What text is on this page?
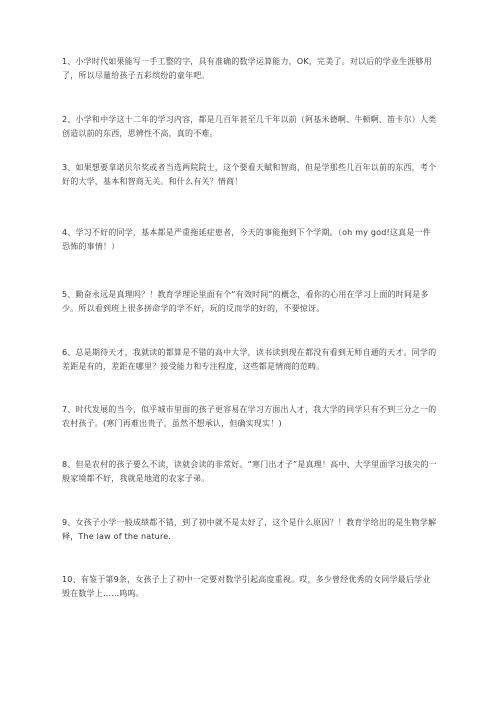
1、小学时代如果能写一手工整的字，具有准确的数学运算能力，OK，完美了。对以后的学业生涯够用了，所以尽量给孩子五彩缤纷的童年吧。

2、小学和中学这十二年的学习内容，都是几百年甚至几千年以前（阿基米德啊、牛顿啊、笛卡尔）人类创造以前的东西，思辨性不高，真的不难。

3、如果想要拿诺贝尔奖或者当选两院院士，这个要看天赋和智商，但是学那些几百年以前的东西，考个好的大学，基本和智商无关。和什么有关？情商！

4、学习不好的同学，基本都是严重拖延症患者，今天的事能拖到下个学期。（oh my god!这真是一件恐怖的事情！）

5、勤奋永远是真理吗？！教育学理论里面有个“有效时间”的概念，看你的心用在学习上面的时间是多少。所以看到班上很多拼命学的学不好，玩的反而学的好的，不要惊讶。

6、总是期待天才，我就读的都算是不错的高中大学，读书读到现在都没有看到无师自通的天才。同学的差距是有的，差距在哪里？接受能力和专注程度，这些都是情商的范畴。

7、时代发展的当今，似乎城市里面的孩子更容易在学习方面出人才，我大学的同学只有不到三分之一的农村孩子。(寒门再难出贵子，虽然不想承认，但确实现实！)

8、但是农村的孩子要么不读，读就会读的非常好。“寒门出才子”是真理！高中、大学里面学习拔尖的一般家境都不好，我就是地道的农家子弟。

9、女孩子小学一般成绩都不错，到了初中就不是太好了，这个是什么原因？！教育学给出的是生物学解释，The law of the nature.

10、有鉴于第9条，女孩子上了初中一定要对数学引起高度重视。哎，多少曾经优秀的女同学最后学业毁在数学上……呜呜。
